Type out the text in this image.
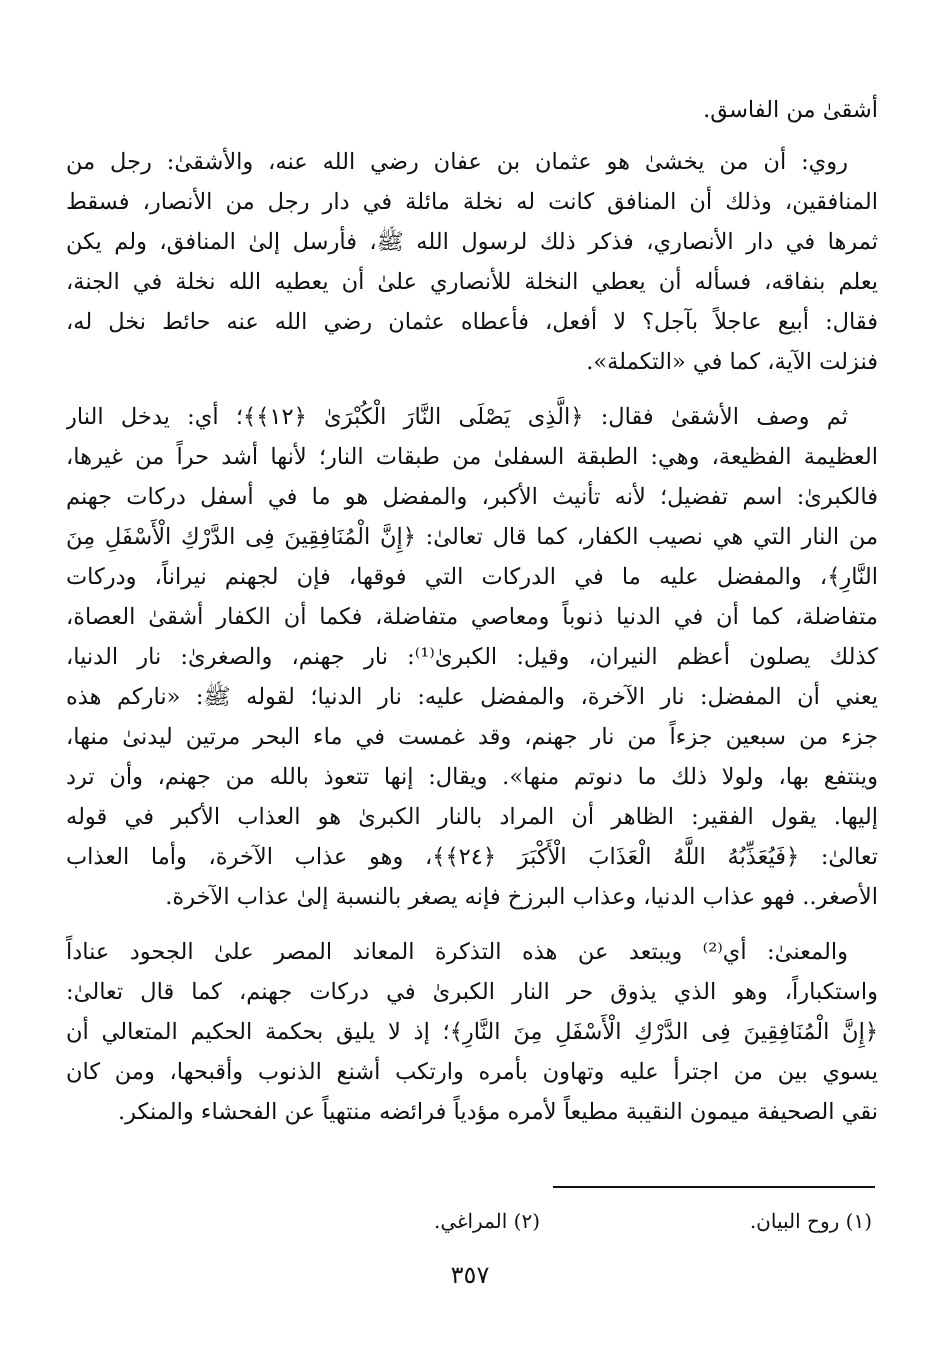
أشقىٰ من الفاسق.
روي: أن من يخشىٰ هو عثمان بن عفان رضي الله عنه، والأشقىٰ: رجل من
المنافقين، وذلك أن المنافق كانت له نخلة مائلة في دار رجل من الأنصار، فسقط
ثمرها في دار الأنصاري، فذكر ذلك لرسول الله ﷺ، فأرسل إلىٰ المنافق، ولم يكن
يعلم بنفاقه، فسأله أن يعطي النخلة للأنصاري علىٰ أن يعطيه الله نخلة في الجنة،
فقال: أبيع عاجلاً بآجل؟ لا أفعل، فأعطاه عثمان رضي الله عنه حائط نخل له،
فنزلت الآية، كما في «التكملة».
ثم وصف الأشقىٰ فقال: ﴿الَّذِى يَصْلَى النَّارَ الْكُبْرَىٰ ﴿١٢﴾﴾؛ أي: يدخل النار
العظيمة الفظيعة، وهي: الطبقة السفلىٰ من طبقات النار؛ لأنها أشد حراً من غيرها،
فالكبرىٰ: اسم تفضيل؛ لأنه تأنيث الأكبر، والمفضل هو ما في أسفل دركات جهنم
من النار التي هي نصيب الكفار، كما قال تعالىٰ: ﴿إِنَّ الْمُنَافِقِينَ فِى الدَّرْكِ الْأَسْفَلِ مِنَ
النَّارِ﴾، والمفضل عليه ما في الدركات التي فوقها، فإن لجهنم نيراناً، ودركات
متفاضلة، كما أن في الدنيا ذنوباً ومعاصي متفاضلة، فكما أن الكفار أشقىٰ العصاة،
كذلك يصلون أعظم النيران، وقيل: الكبرىٰ⁽¹⁾: نار جهنم، والصغرىٰ: نار الدنيا،
يعني أن المفضل: نار الآخرة، والمفضل عليه: نار الدنيا؛ لقوله ﷺ: «ناركم هذه
جزء من سبعين جزءاً من نار جهنم، وقد غمست في ماء البحر مرتين ليدنىٰ منها،
وينتفع بها، ولولا ذلك ما دنوتم منها». ويقال: إنها تتعوذ بالله من جهنم، وأن ترد
إليها. يقول الفقير: الظاهر أن المراد بالنار الكبرىٰ هو العذاب الأكبر في قوله
تعالىٰ: ﴿فَيُعَذِّبُهُ اللَّهُ الْعَذَابَ الْأَكْبَرَ ﴿٢٤﴾﴾، وهو عذاب الآخرة، وأما العذاب
الأصغر.. فهو عذاب الدنيا، وعذاب البرزخ فإنه يصغر بالنسبة إلىٰ عذاب الآخرة.
والمعنىٰ: أي⁽²⁾ ويبتعد عن هذه التذكرة المعاند المصر علىٰ الجحود عناداً
واستكباراً، وهو الذي يذوق حر النار الكبرىٰ في دركات جهنم، كما قال تعالىٰ:
﴿إِنَّ الْمُنَافِقِينَ فِى الدَّرْكِ الْأَسْفَلِ مِنَ النَّارِ﴾؛ إذ لا يليق بحكمة الحكيم المتعالي أن
يسوي بين من اجترأ عليه وتهاون بأمره وارتكب أشنع الذنوب وأقبحها، ومن كان
نقي الصحيفة ميمون النقيبة مطيعاً لأمره مؤدياً فرائضه منتهياً عن الفحشاء والمنكر.
(١) روح البيان.
(٢) المراغي.
٣٥٧
